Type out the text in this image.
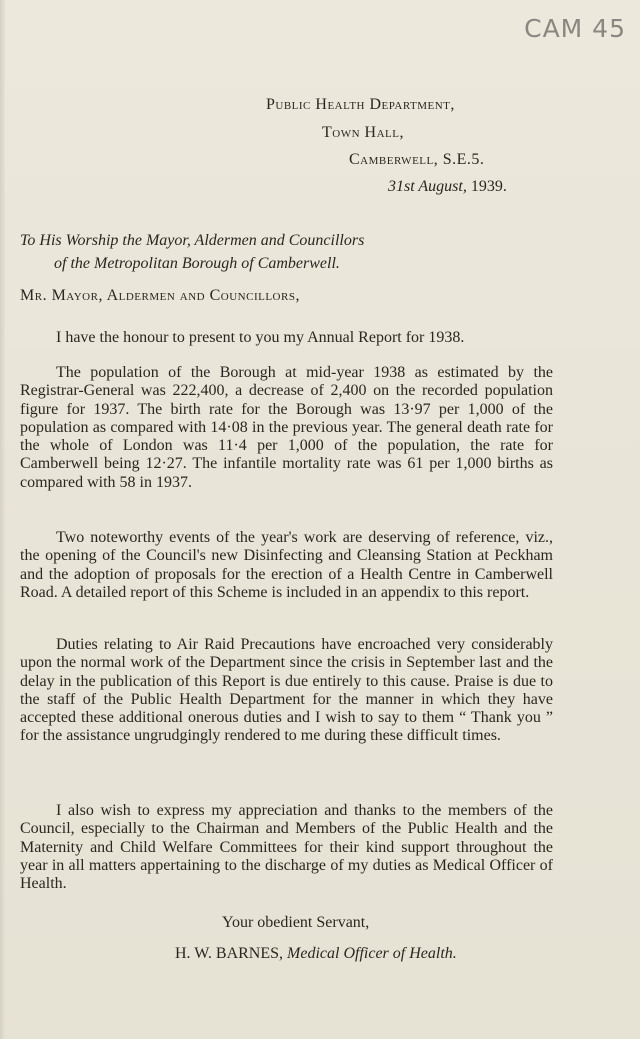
CAM 45
Public Health Department,
Town Hall,
Camberwell, S.E.5.
31st August, 1939.
To His Worship the Mayor, Aldermen and Councillors
of the Metropolitan Borough of Camberwell.
Mr. Mayor, Aldermen and Councillors,

I have the honour to present to you my Annual Report for 1938.

The population of the Borough at mid-year 1938 as estimated by the Registrar-General was 222,400, a decrease of 2,400 on the recorded population figure for 1937. The birth rate for the Borough was 13·97 per 1,000 of the population as compared with 14·08 in the previous year. The general death rate for the whole of London was 11·4 per 1,000 of the population, the rate for Camberwell being 12·27. The infantile mortality rate was 61 per 1,000 births as compared with 58 in 1937.

Two noteworthy events of the year's work are deserving of reference, viz., the opening of the Council's new Disinfecting and Cleansing Station at Peckham and the adoption of proposals for the erection of a Health Centre in Camberwell Road. A detailed report of this Scheme is included in an appendix to this report.

Duties relating to Air Raid Precautions have encroached very considerably upon the normal work of the Department since the crisis in September last and the delay in the publication of this Report is due entirely to this cause. Praise is due to the staff of the Public Health Department for the manner in which they have accepted these additional onerous duties and I wish to say to them “ Thank you ” for the assistance ungrudgingly rendered to me during these difficult times.

I also wish to express my appreciation and thanks to the members of the Council, especially to the Chairman and Members of the Public Health and the Maternity and Child Welfare Committees for their kind support throughout the year in all matters appertaining to the discharge of my duties as Medical Officer of Health.

Your obedient Servant,
H. W. BARNES, Medical Officer of Health.
